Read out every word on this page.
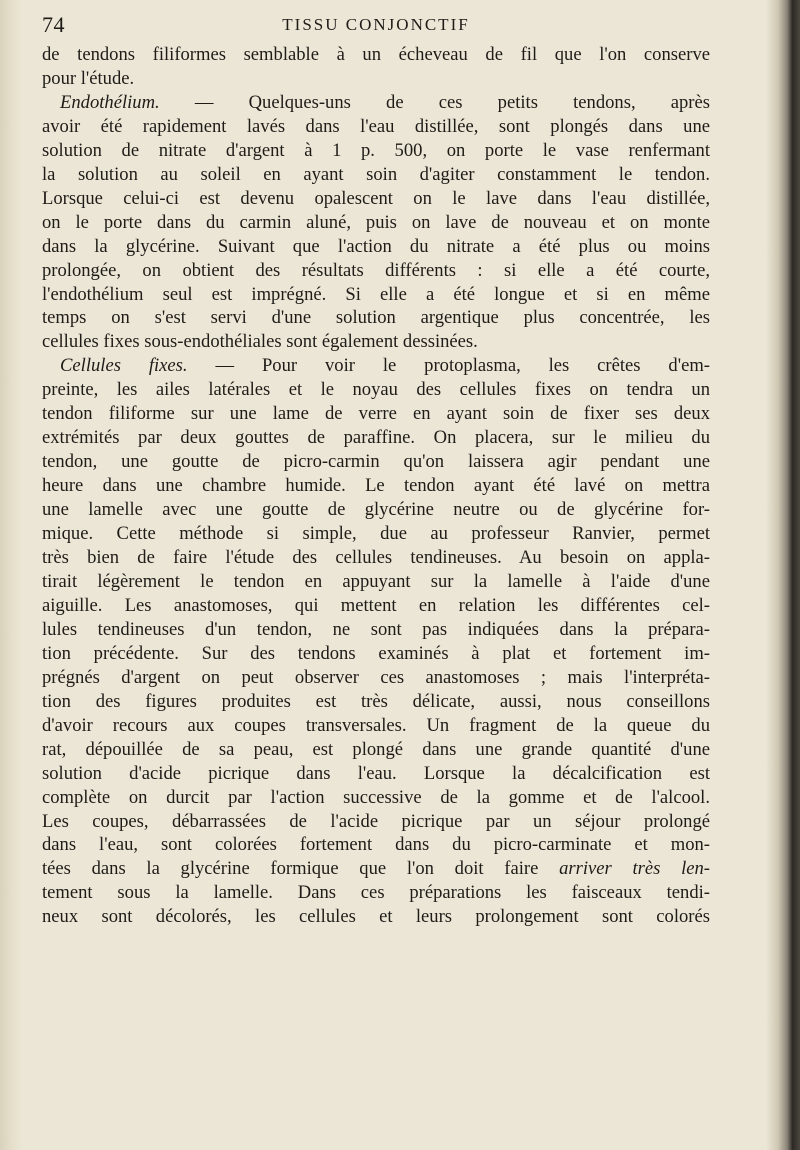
74	TISSU CONJONCTIF
de tendons filiformes semblable à un écheveau de fil que l'on conserve
pour l'étude.
Endothélium. — Quelques-uns de ces petits tendons, après
avoir été rapidement lavés dans l'eau distillée, sont plongés dans une
solution de nitrate d'argent à 1 p. 500, on porte le vase renfermant
la solution au soleil en ayant soin d'agiter constamment le tendon.
Lorsque celui-ci est devenu opalescent on le lave dans l'eau distillée,
on le porte dans du carmin aluné, puis on lave de nouveau et on monte
dans la glycérine. Suivant que l'action du nitrate a été plus ou moins
prolongée, on obtient des résultats différents : si elle a été courte,
l'endothélium seul est imprégné. Si elle a été longue et si en même
temps on s'est servi d'une solution argentique plus concentrée, les
cellules fixes sous-endothéliales sont également dessinées.
Cellules fixes. — Pour voir le protoplasma, les crêtes d'em-
preinte, les ailes latérales et le noyau des cellules fixes on tendra un
tendon filiforme sur une lame de verre en ayant soin de fixer ses deux
extrémités par deux gouttes de paraffine. On placera, sur le milieu du
tendon, une goutte de picro-carmin qu'on laissera agir pendant une
heure dans une chambre humide. Le tendon ayant été lavé on mettra
une lamelle avec une goutte de glycérine neutre ou de glycérine for-
mique. Cette méthode si simple, due au professeur Ranvier, permet
très bien de faire l'étude des cellules tendineuses. Au besoin on appla-
tirait légèrement le tendon en appuyant sur la lamelle à l'aide d'une
aiguille. Les anastomoses, qui mettent en relation les différentes cel-
lules tendineuses d'un tendon, ne sont pas indiquées dans la prépara-
tion précédente. Sur des tendons examinés à plat et fortement im-
prégnés d'argent on peut observer ces anastomoses ; mais l'interpréta-
tion des figures produites est très délicate, aussi, nous conseillons
d'avoir recours aux coupes transversales. Un fragment de la queue du
rat, dépouillée de sa peau, est plongé dans une grande quantité d'une
solution d'acide picrique dans l'eau. Lorsque la décalcification est
complète on durcit par l'action successive de la gomme et de l'alcool.
Les coupes, débarrassées de l'acide picrique par un séjour prolongé
dans l'eau, sont colorées fortement dans du picro-carminate et mon-
tées dans la glycérine formique que l'on doit faire arriver très len-
tement sous la lamelle. Dans ces préparations les faisceaux tendi-
neux sont décolorés, les cellules et leurs prolongement sont colorés
